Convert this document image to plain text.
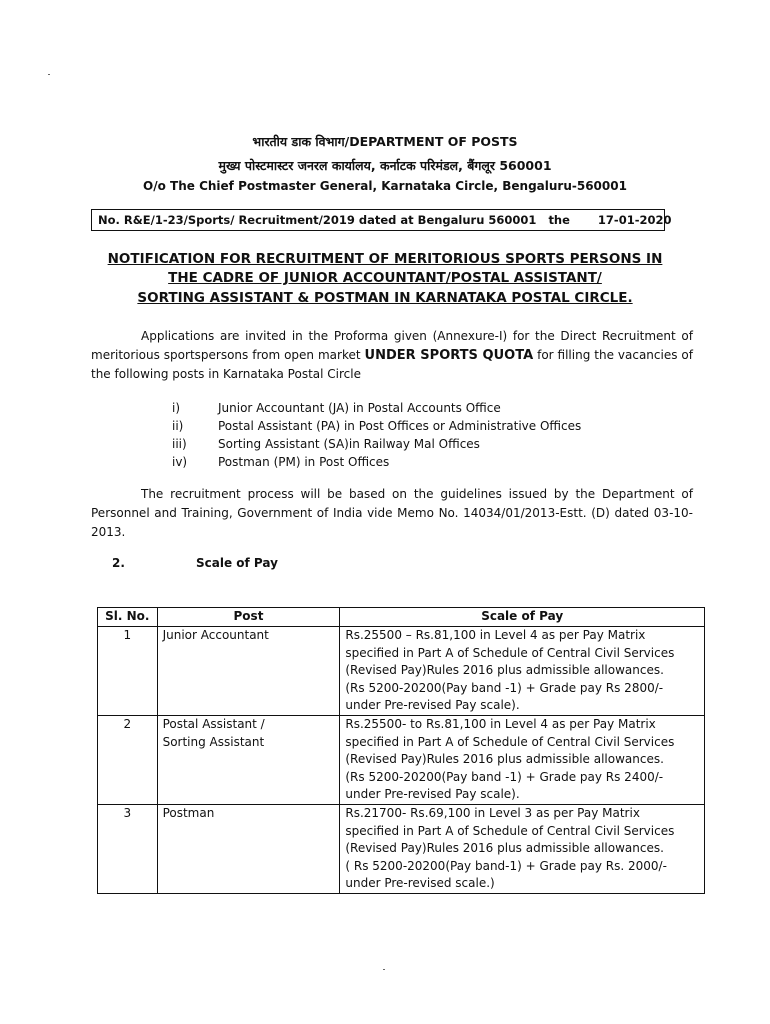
भारतीय डाक विभाग/DEPARTMENT OF POSTS
मुख्य पोस्टमास्टर जनरल कार्यालय, कर्नाटक परिमंडल, बैंगलूर 560001
O/o The Chief Postmaster General, Karnataka Circle, Bengaluru-560001
No. R&E/1-23/Sports/ Recruitment/2019 dated at Bengaluru 560001 the 17-01-2020
NOTIFICATION FOR RECRUITMENT OF MERITORIOUS SPORTS PERSONS IN
THE CADRE OF JUNIOR ACCOUNTANT/POSTAL ASSISTANT/
SORTING ASSISTANT & POSTMAN IN KARNATAKA POSTAL CIRCLE.
Applications are invited in the Proforma given (Annexure-I) for the Direct Recruitment of meritorious sportspersons from open market UNDER SPORTS QUOTA for filling the vacancies of the following posts in Karnataka Postal Circle
i)	Junior Accountant (JA) in Postal Accounts Office
ii)	Postal Assistant (PA) in Post Offices or Administrative Offices
iii)	Sorting Assistant (SA)in Railway Mal Offices
iv)	Postman (PM) in Post Offices
The recruitment process will be based on the guidelines issued by the Department of Personnel and Training, Government of India vide Memo No. 14034/01/2013-Estt. (D) dated 03-10-2013.
2.	Scale of Pay
Sl. No.	Post	Scale of Pay
1	Junior Accountant	Rs.25500 – Rs.81,100 in Level 4 as per Pay Matrix
specified in Part A of Schedule of Central Civil Services
(Revised Pay)Rules 2016 plus admissible allowances.
(Rs 5200-20200(Pay band -1) + Grade pay Rs 2800/-
under Pre-revised Pay scale).

2	Postal Assistant /
Sorting Assistant	Rs.25500- to Rs.81,100 in Level 4 as per Pay Matrix
specified in Part A of Schedule of Central Civil Services
(Revised Pay)Rules 2016 plus admissible allowances.
(Rs 5200-20200(Pay band -1) + Grade pay Rs 2400/-
under Pre-revised Pay scale).

3	Postman	Rs.21700- Rs.69,100 in Level 3 as per Pay Matrix
specified in Part A of Schedule of Central Civil Services
(Revised Pay)Rules 2016 plus admissible allowances.
( Rs 5200-20200(Pay band-1) + Grade pay Rs. 2000/-
under Pre-revised scale.)
